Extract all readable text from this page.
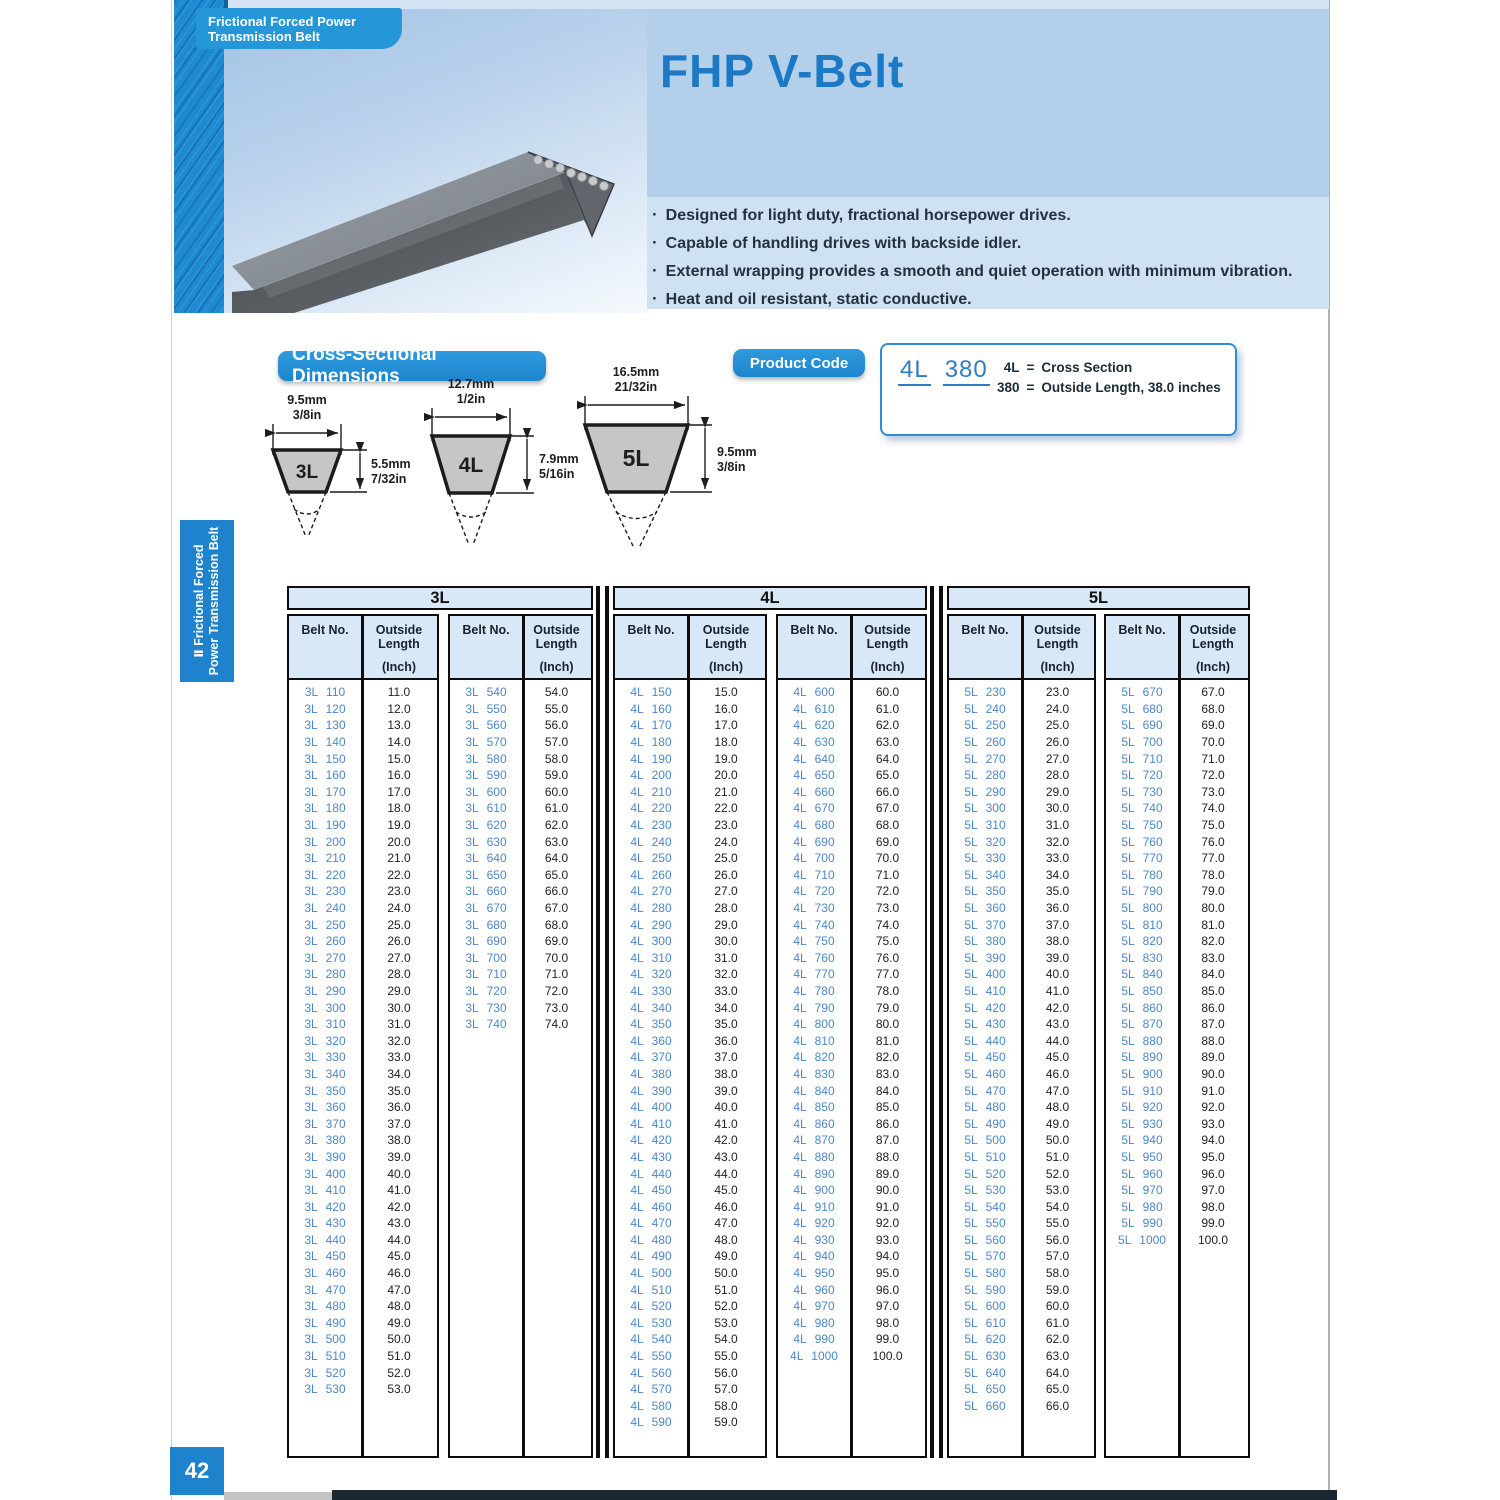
Frictional Forced Power
Transmission Belt
FHP V-Belt
· Designed for light duty, fractional horsepower drives.
· Capable of handling drives with backside idler.
· External wrapping provides a smooth and quiet operation with minimum vibration.
· Heat and oil resistant, static conductive.
Cross-Sectional Dimensions
9.5mm
3/8in
5.5mm
7/32in
3L
12.7mm
1/2in
7.9mm
5/16in
4L
16.5mm
21/32in
9.5mm
3/8in
5L
Product Code	4L 380	4L = Cross Section
380 = Outside Length, 38.0 inches
3L
Belt No.	Outside Length
(Inch)
3L 110	11.0
3L 120	12.0
3L 130	13.0
3L 140	14.0
3L 150	15.0
3L 160	16.0
3L 170	17.0
3L 180	18.0
3L 190	19.0
3L 200	20.0
3L 210	21.0
3L 220	22.0
3L 230	23.0
3L 240	24.0
3L 250	25.0
3L 260	26.0
3L 270	27.0
3L 280	28.0
3L 290	29.0
3L 300	30.0
3L 310	31.0
3L 320	32.0
3L 330	33.0
3L 340	34.0
3L 350	35.0
3L 360	36.0
3L 370	37.0
3L 380	38.0
3L 390	39.0
3L 400	40.0
3L 410	41.0
3L 420	42.0
3L 430	43.0
3L 440	44.0
3L 450	45.0
3L 460	46.0
3L 470	47.0
3L 480	48.0
3L 490	49.0
3L 500	50.0
3L 510	51.0
3L 520	52.0
3L 530	53.0
Belt No.	Outside Length
(Inch)
3L 540	54.0
3L 550	55.0
3L 560	56.0
3L 570	57.0
3L 580	58.0
3L 590	59.0
3L 600	60.0
3L 610	61.0
3L 620	62.0
3L 630	63.0
3L 640	64.0
3L 650	65.0
3L 660	66.0
3L 670	67.0
3L 680	68.0
3L 690	69.0
3L 700	70.0
3L 710	71.0
3L 720	72.0
3L 730	73.0
3L 740	74.0
4L
Belt No.	Outside Length
(Inch)
4L 150	15.0
4L 160	16.0
4L 170	17.0
4L 180	18.0
4L 190	19.0
4L 200	20.0
4L 210	21.0
4L 220	22.0
4L 230	23.0
4L 240	24.0
4L 250	25.0
4L 260	26.0
4L 270	27.0
4L 280	28.0
4L 290	29.0
4L 300	30.0
4L 310	31.0
4L 320	32.0
4L 330	33.0
4L 340	34.0
4L 350	35.0
4L 360	36.0
4L 370	37.0
4L 380	38.0
4L 390	39.0
4L 400	40.0
4L 410	41.0
4L 420	42.0
4L 430	43.0
4L 440	44.0
4L 450	45.0
4L 460	46.0
4L 470	47.0
4L 480	48.0
4L 490	49.0
4L 500	50.0
4L 510	51.0
4L 520	52.0
4L 530	53.0
4L 540	54.0
4L 550	55.0
4L 560	56.0
4L 570	57.0
4L 580	58.0
4L 590	59.0
Belt No.	Outside Length
(Inch)
4L 600	60.0
4L 610	61.0
4L 620	62.0
4L 630	63.0
4L 640	64.0
4L 650	65.0
4L 660	66.0
4L 670	67.0
4L 680	68.0
4L 690	69.0
4L 700	70.0
4L 710	71.0
4L 720	72.0
4L 730	73.0
4L 740	74.0
4L 750	75.0
4L 760	76.0
4L 770	77.0
4L 780	78.0
4L 790	79.0
4L 800	80.0
4L 810	81.0
4L 820	82.0
4L 830	83.0
4L 840	84.0
4L 850	85.0
4L 860	86.0
4L 870	87.0
4L 880	88.0
4L 890	89.0
4L 900	90.0
4L 910	91.0
4L 920	92.0
4L 930	93.0
4L 940	94.0
4L 950	95.0
4L 960	96.0
4L 970	97.0
4L 980	98.0
4L 990	99.0
4L 1000	100.0
5L
Belt No.	Outside Length
(Inch)
5L 230	23.0
5L 240	24.0
5L 250	25.0
5L 260	26.0
5L 270	27.0
5L 280	28.0
5L 290	29.0
5L 300	30.0
5L 310	31.0
5L 320	32.0
5L 330	33.0
5L 340	34.0
5L 350	35.0
5L 360	36.0
5L 370	37.0
5L 380	38.0
5L 390	39.0
5L 400	40.0
5L 410	41.0
5L 420	42.0
5L 430	43.0
5L 440	44.0
5L 450	45.0
5L 460	46.0
5L 470	47.0
5L 480	48.0
5L 490	49.0
5L 500	50.0
5L 510	51.0
5L 520	52.0
5L 530	53.0
5L 540	54.0
5L 550	55.0
5L 560	56.0
5L 570	57.0
5L 580	58.0
5L 590	59.0
5L 600	60.0
5L 610	61.0
5L 620	62.0
5L 630	63.0
5L 640	64.0
5L 650	65.0
5L 660	66.0
Belt No.	Outside Length
(Inch)
5L 670	67.0
5L 680	68.0
5L 690	69.0
5L 700	70.0
5L 710	71.0
5L 720	72.0
5L 730	73.0
5L 740	74.0
5L 750	75.0
5L 760	76.0
5L 770	77.0
5L 780	78.0
5L 790	79.0
5L 800	80.0
5L 810	81.0
5L 820	82.0
5L 830	83.0
5L 840	84.0
5L 850	85.0
5L 860	86.0
5L 870	87.0
5L 880	88.0
5L 890	89.0
5L 900	90.0
5L 910	91.0
5L 920	92.0
5L 930	93.0
5L 940	94.0
5L 950	95.0
5L 960	96.0
5L 970	97.0
5L 980	98.0
5L 990	99.0
5L 1000	100.0
Ⅱ Frictional Forced Power Transmission Belt
42
